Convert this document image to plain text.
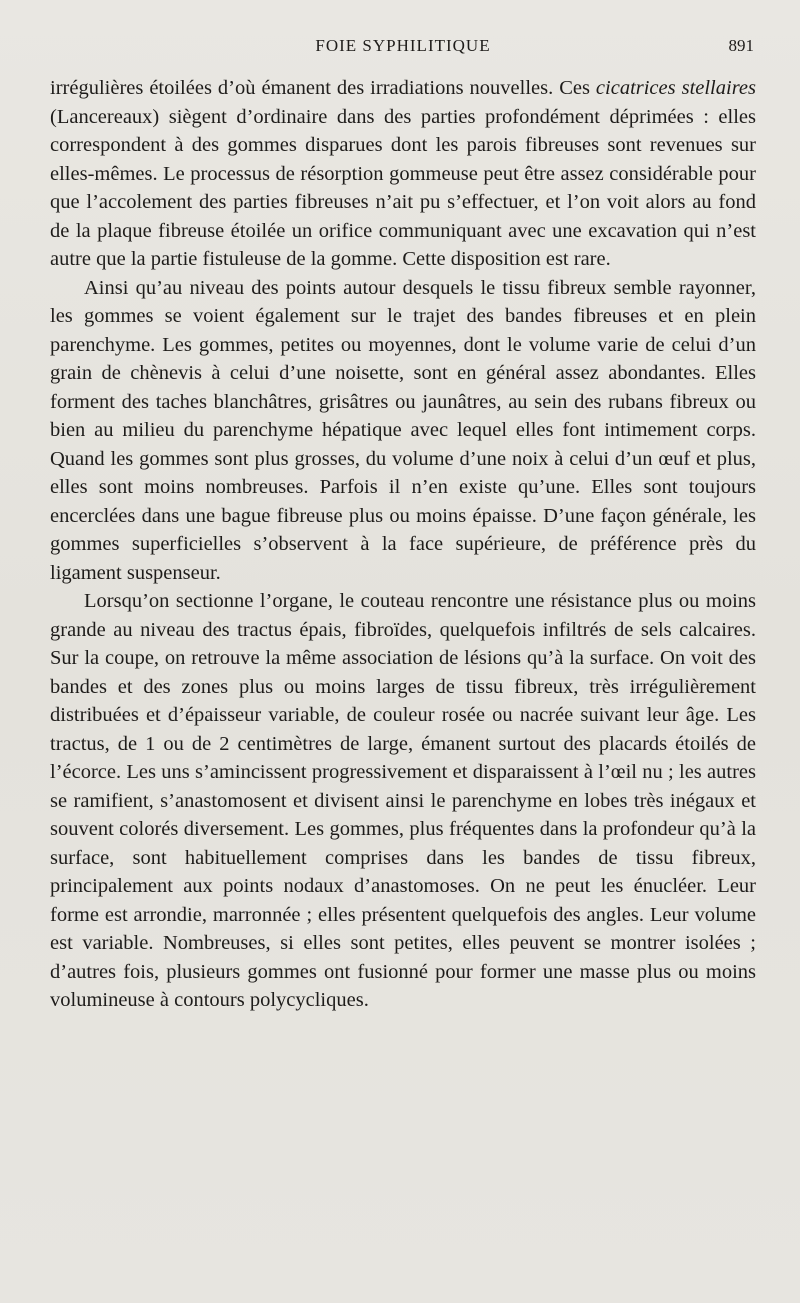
FOIE SYPHILITIQUE	891

irrégulières étoilées d’où émanent des irradiations nouvelles. Ces cicatrices stellaires (Lancereaux) siègent d’ordinaire dans des parties profondément déprimées : elles correspondent à des gommes disparues dont les parois fibreuses sont revenues sur elles-mêmes. Le processus de résorption gommeuse peut être assez considérable pour que l’accolement des parties fibreuses n’ait pu s’effectuer, et l’on voit alors au fond de la plaque fibreuse étoilée un orifice communiquant avec une excavation qui n’est autre que la partie fistuleuse de la gomme. Cette disposition est rare.

Ainsi qu’au niveau des points autour desquels le tissu fibreux semble rayonner, les gommes se voient également sur le trajet des bandes fibreuses et en plein parenchyme. Les gommes, petites ou moyennes, dont le volume varie de celui d’un grain de chènevis à celui d’une noisette, sont en général assez abondantes. Elles forment des taches blanchâtres, grisâtres ou jaunâtres, au sein des rubans fibreux ou bien au milieu du parenchyme hépatique avec lequel elles font intimement corps. Quand les gommes sont plus grosses, du volume d’une noix à celui d’un œuf et plus, elles sont moins nombreuses. Parfois il n’en existe qu’une. Elles sont toujours encerclées dans une bague fibreuse plus ou moins épaisse. D’une façon générale, les gommes superficielles s’observent à la face supérieure, de préférence près du ligament suspenseur.

Lorsqu’on sectionne l’organe, le couteau rencontre une résistance plus ou moins grande au niveau des tractus épais, fibroïdes, quelquefois infiltrés de sels calcaires. Sur la coupe, on retrouve la même association de lésions qu’à la surface. On voit des bandes et des zones plus ou moins larges de tissu fibreux, très irrégulièrement distribuées et d’épaisseur variable, de couleur rosée ou nacrée suivant leur âge. Les tractus, de 1 ou de 2 centimètres de large, émanent surtout des placards étoilés de l’écorce. Les uns s’amincissent progressivement et disparaissent à l’œil nu ; les autres se ramifient, s’anastomosent et divisent ainsi le parenchyme en lobes très inégaux et souvent colorés diversement. Les gommes, plus fréquentes dans la profondeur qu’à la surface, sont habituellement comprises dans les bandes de tissu fibreux, principalement aux points nodaux d’anastomoses. On ne peut les énucléer. Leur forme est arrondie, marronnée ; elles présentent quelquefois des angles. Leur volume est variable. Nombreuses, si elles sont petites, elles peuvent se montrer isolées ; d’autres fois, plusieurs gommes ont fusionné pour former une masse plus ou moins volumineuse à contours polycycliques.
